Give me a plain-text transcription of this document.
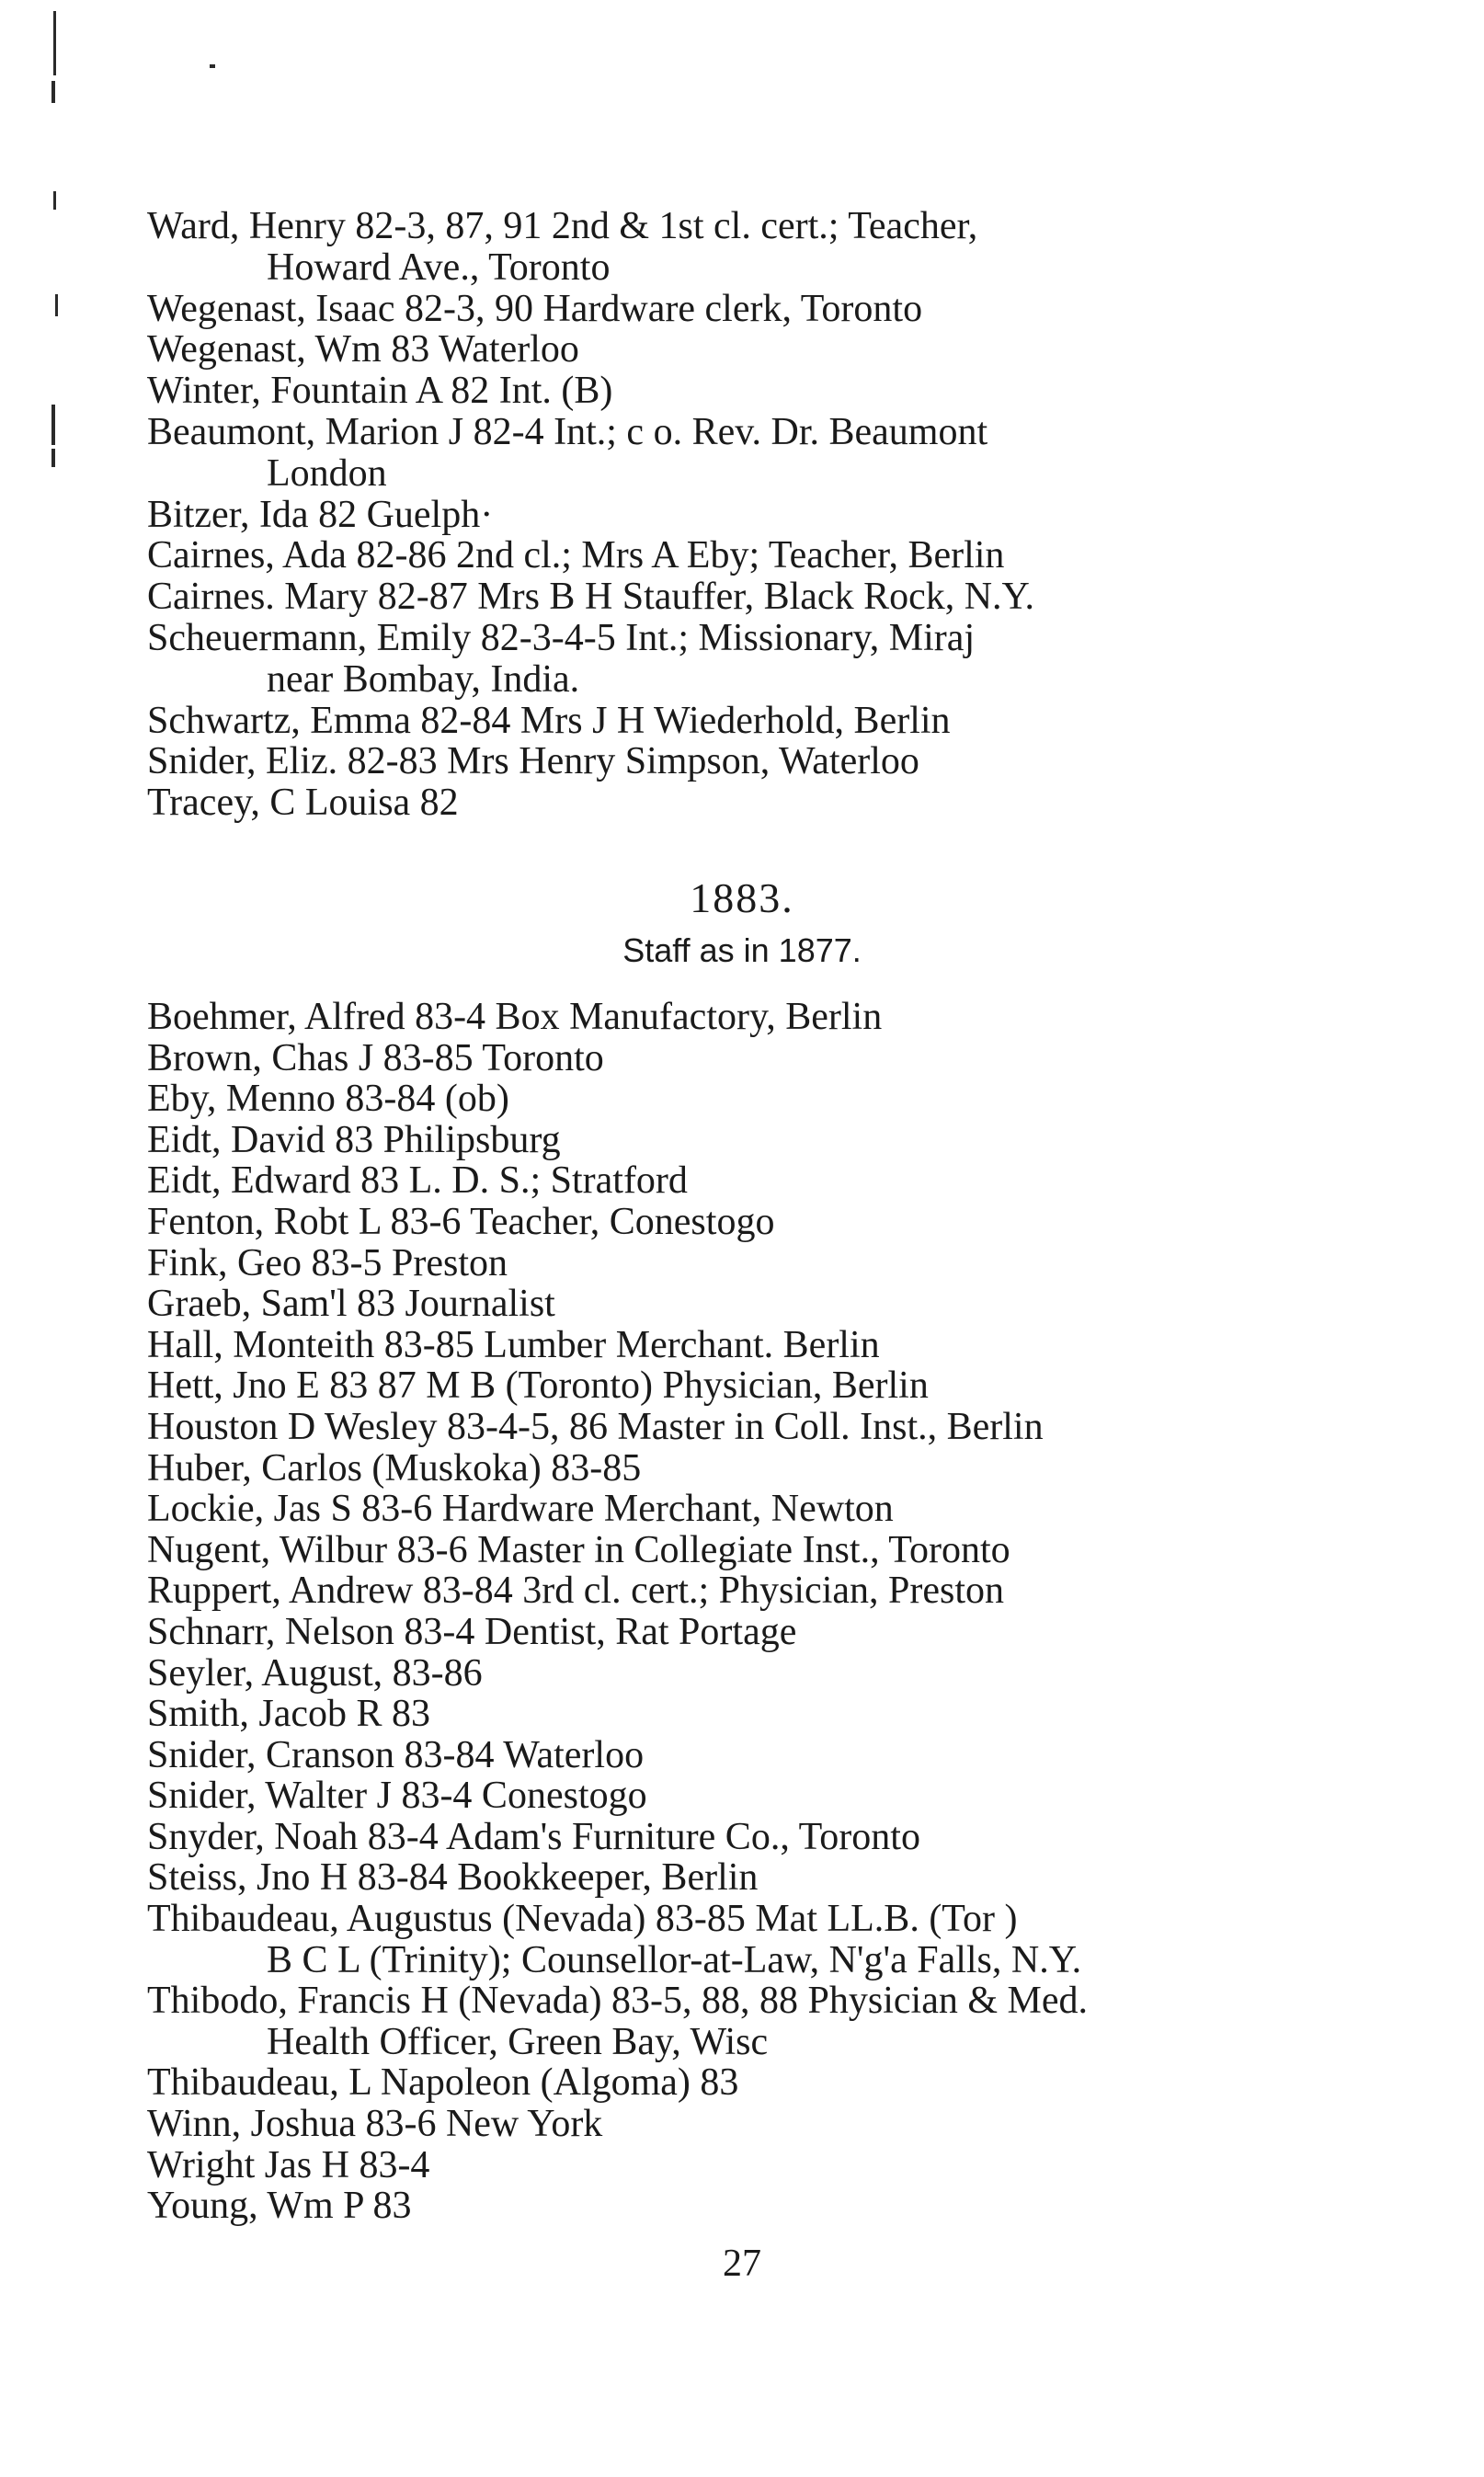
Ward, Henry 82-3, 87, 91 2nd & 1st cl. cert.; Teacher,
Howard Ave., Toronto
Wegenast, Isaac 82-3, 90 Hardware clerk, Toronto
Wegenast, Wm 83 Waterloo
Winter, Fountain A 82 Int. (B)
Beaumont, Marion J 82-4 Int.; c o. Rev. Dr. Beaumont
London
Bitzer, Ida 82 Guelph·
Cairnes, Ada 82-86 2nd cl.; Mrs A Eby; Teacher, Berlin
Cairnes. Mary 82-87 Mrs B H Stauffer, Black Rock, N.Y.
Scheuermann, Emily 82-3-4-5 Int.; Missionary, Miraj
near Bombay, India.
Schwartz, Emma 82-84 Mrs J H Wiederhold, Berlin
Snider, Eliz. 82-83 Mrs Henry Simpson, Waterloo
Tracey, C Louisa 82
1883.
Staff as in 1877.
Boehmer, Alfred 83-4 Box Manufactory, Berlin
Brown, Chas J 83-85 Toronto
Eby, Menno 83-84 (ob)
Eidt, David 83 Philipsburg
Eidt, Edward 83 L. D. S.; Stratford
Fenton, Robt L 83-6 Teacher, Conestogo
Fink, Geo 83-5 Preston
Graeb, Sam'l 83 Journalist
Hall, Monteith 83-85 Lumber Merchant. Berlin
Hett, Jno E 83 87 M B (Toronto) Physician, Berlin
Houston D Wesley 83-4-5, 86 Master in Coll. Inst., Berlin
Huber, Carlos (Muskoka) 83-85
Lockie, Jas S 83-6 Hardware Merchant, Newton
Nugent, Wilbur 83-6 Master in Collegiate Inst., Toronto
Ruppert, Andrew 83-84 3rd cl. cert.; Physician, Preston
Schnarr, Nelson 83-4 Dentist, Rat Portage
Seyler, August, 83-86
Smith, Jacob R 83
Snider, Cranson 83-84 Waterloo
Snider, Walter J 83-4 Conestogo
Snyder, Noah 83-4 Adam's Furniture Co., Toronto
Steiss, Jno H 83-84 Bookkeeper, Berlin
Thibaudeau, Augustus (Nevada) 83-85 Mat LL.B. (Tor )
B C L (Trinity); Counsellor-at-Law, N'g'a Falls, N.Y.
Thibodo, Francis H (Nevada) 83-5, 88, 88 Physician & Med.
Health Officer, Green Bay, Wisc
Thibaudeau, L Napoleon (Algoma) 83
Winn, Joshua 83-6 New York
Wright Jas H 83-4
Young, Wm P 83
27
